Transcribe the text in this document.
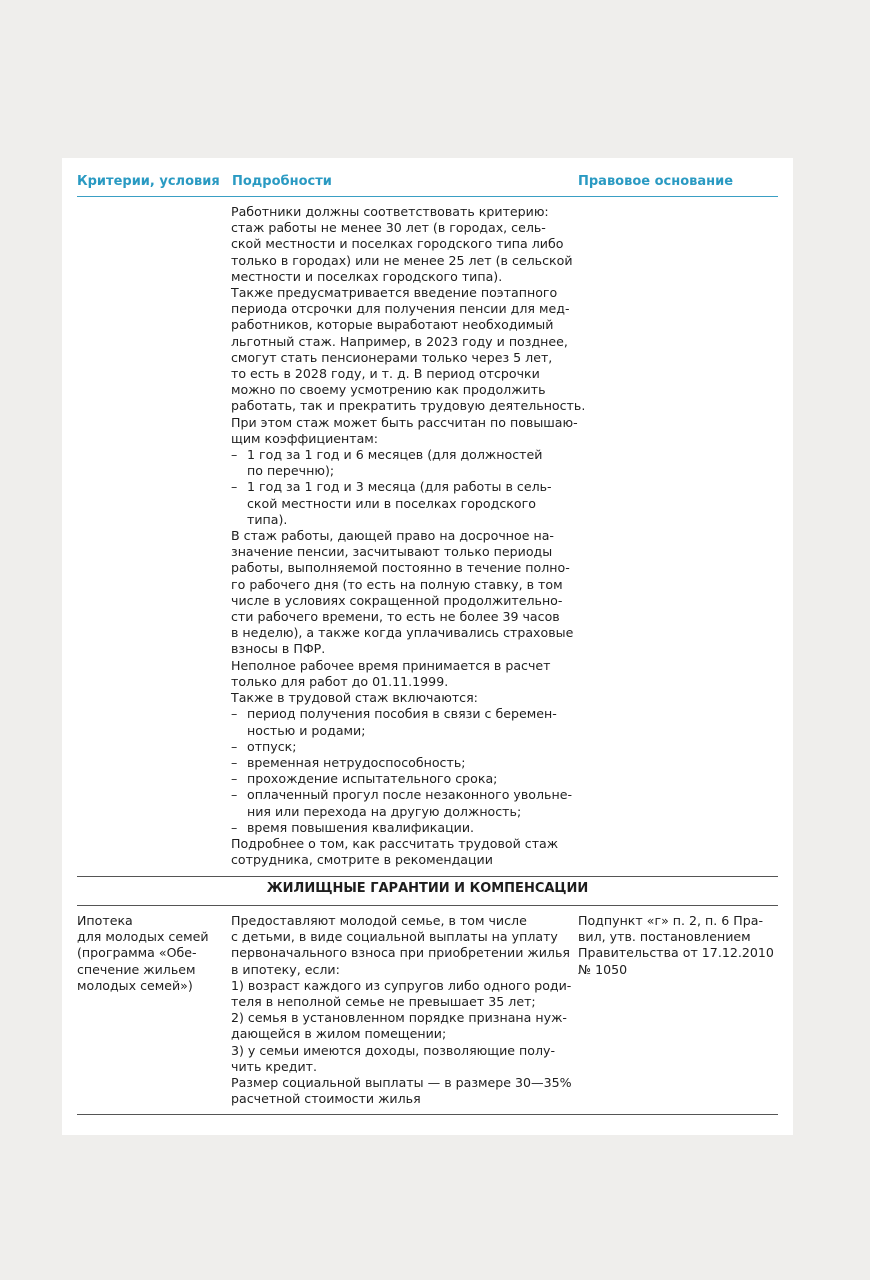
Критерии, условия Подробности	Правовое основание
Работники должны соответствовать критерию:
стаж работы не менее 30 лет (в городах, сель-
ской местности и поселках городского типа либо
только в городах) или не менее 25 лет (в сельской
местности и поселках городского типа).
Также предусматривается введение поэтапного
периода отсрочки для получения пенсии для мед-
работников, которые выработают необходимый
льготный стаж. Например, в 2023 году и позднее,
смогут стать пенсионерами только через 5 лет,
то есть в 2028 году, и т. д. В период отсрочки
можно по своему усмотрению как продолжить
работать, так и прекратить трудовую деятельность.
При этом стаж может быть рассчитан по повышаю-
щим коэффициентам:
– 1 год за 1 год и 6 месяцев (для должностей
по перечню);
– 1 год за 1 год и 3 месяца (для работы в сель-
ской местности или в поселках городского
типа).
В стаж работы, дающей право на досрочное на-
значение пенсии, засчитывают только периоды
работы, выполняемой постоянно в течение полно-
го рабочего дня (то есть на полную ставку, в том
числе в условиях сокращенной продолжительно-
сти рабочего времени, то есть не более 39 часов
в неделю), а также когда уплачивались страховые
взносы в ПФР.
Неполное рабочее время принимается в расчет
только для работ до 01.11.1999.
Также в трудовой стаж включаются:
– период получения пособия в связи с беремен-
ностью и родами;
– отпуск;
– временная нетрудоспособность;
– прохождение испытательного срока;
– оплаченный прогул после незаконного увольне-
ния или перехода на другую должность;
– время повышения квалификации.
Подробнее о том, как рассчитать трудовой стаж
сотрудника, смотрите в рекомендации
ЖИЛИЩНЫЕ ГАРАНТИИ И КОМПЕНСАЦИИ
Ипотека
для молодых семей
(программа «Обе-
спечение жильем
молодых семей»)
Предоставляют молодой семье, в том числе
с детьми, в виде социальной выплаты на уплату
первоначального взноса при приобретении жилья
в ипотеку, если:
1) возраст каждого из супругов либо одного роди-
теля в неполной семье не превышает 35 лет;
2) семья в установленном порядке признана нуж-
дающейся в жилом помещении;
3) у семьи имеются доходы, позволяющие полу-
чить кредит.
Размер социальной выплаты — в размере 30—35%
расчетной стоимости жилья
Подпункт «г» п. 2, п. 6 Пра-
вил, утв. постановлением
Правительства от 17.12.2010
№ 1050
